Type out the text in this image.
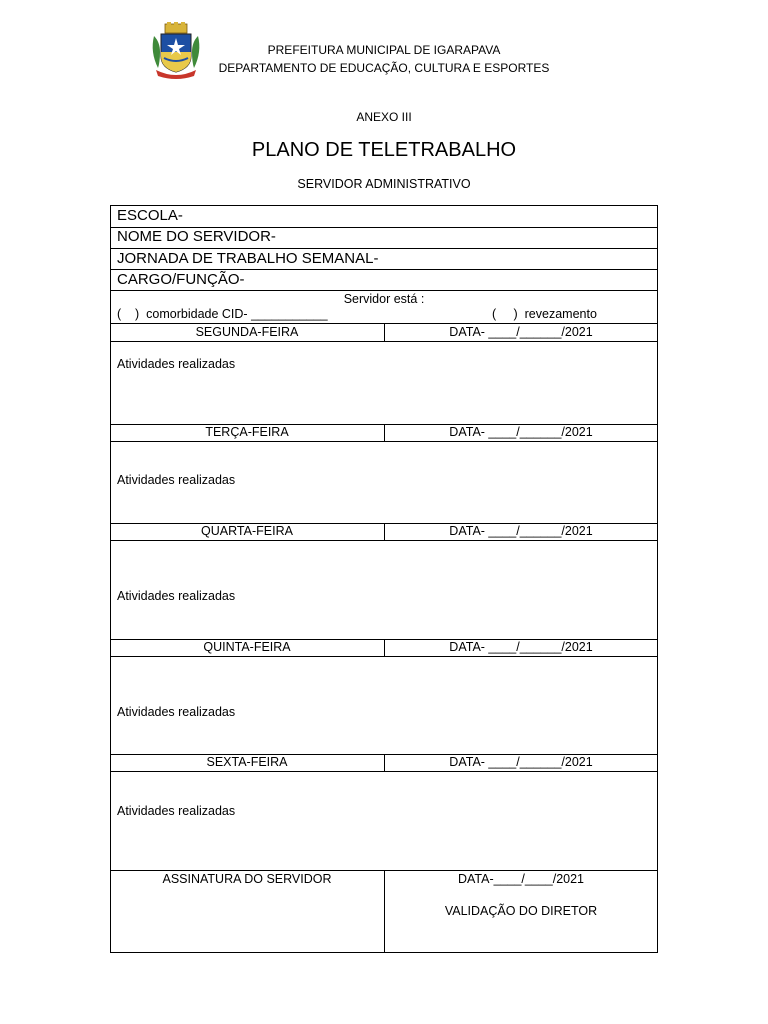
PREFEITURA MUNICIPAL DE IGARAPAVA
DEPARTAMENTO DE EDUCAÇÃO, CULTURA E ESPORTES
ANEXO III
PLANO DE TELETRABALHO
SERVIDOR ADMINISTRATIVO
ESCOLA-
NOME DO SERVIDOR-
JORNADA DE TRABALHO SEMANAL-
CARGO/FUNÇÃO-
Servidor está :
(    )  comorbidade CID- ___________	(     )  revezamento
SEGUNDA-FEIRA	DATA- ____/______/2021
Atividades realizadas
TERÇA-FEIRA	DATA- ____/______/2021
Atividades realizadas
QUARTA-FEIRA	DATA- ____/______/2021
Atividades realizadas
QUINTA-FEIRA	DATA- ____/______/2021
Atividades realizadas
SEXTA-FEIRA	DATA- ____/______/2021
Atividades realizadas
ASSINATURA DO SERVIDOR	DATA-____/____/2021
VALIDAÇÃO DO DIRETOR
